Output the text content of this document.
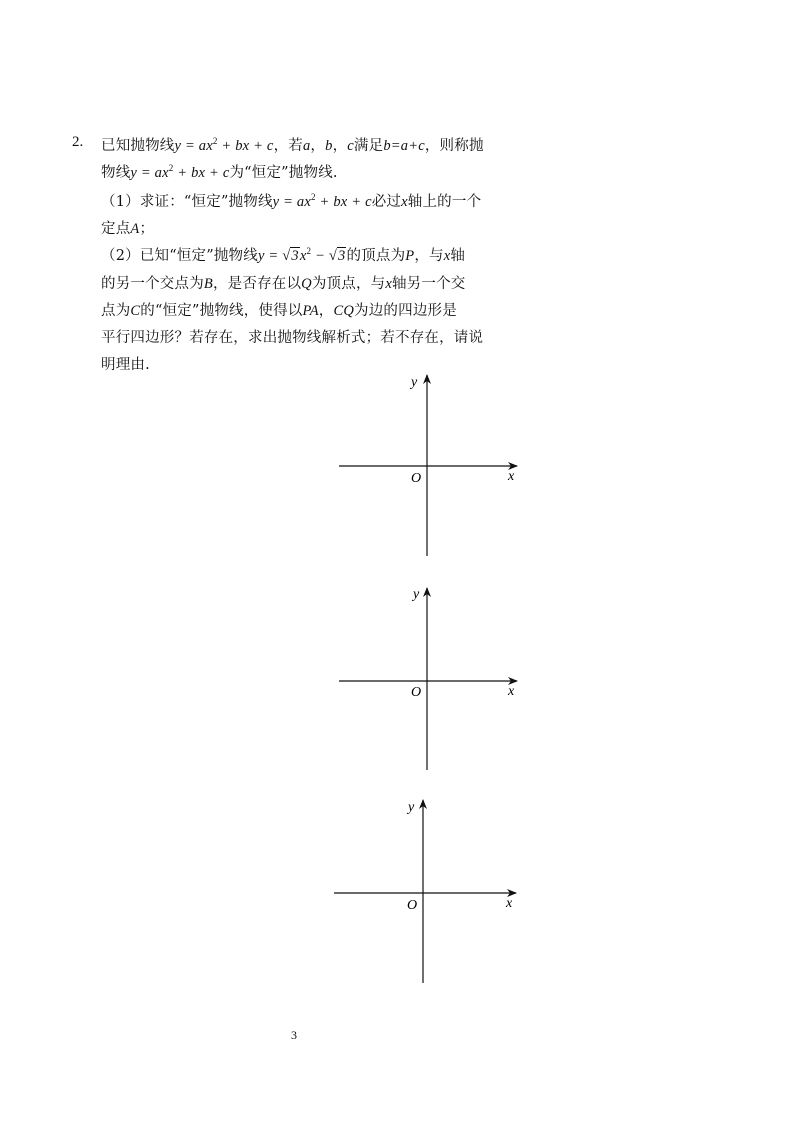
2. 已知抛物线$y = ax^2$ + bx + c，若a，b，c满足b=a+c，则称抛
物线$y = ax^2$ + bx + c为“恒定”抛物线.
（1）求证：“恒定”抛物线$y = ax^2$ + bx + c必过x轴上的一个
定点A；
（2）已知“恒定”抛物线$y = √3x^2 - √3$的顶点为P，与x轴
的另一个交点为B，是否存在以Q为顶点，与x轴另一个交
点为C的“恒定”抛物线，使得以PA，CQ为边的四边形是
平行四边形？若存在，求出抛物线解析式；若不存在，请说
明理由.
y
x
O
y
x
O
y
x
O
3
